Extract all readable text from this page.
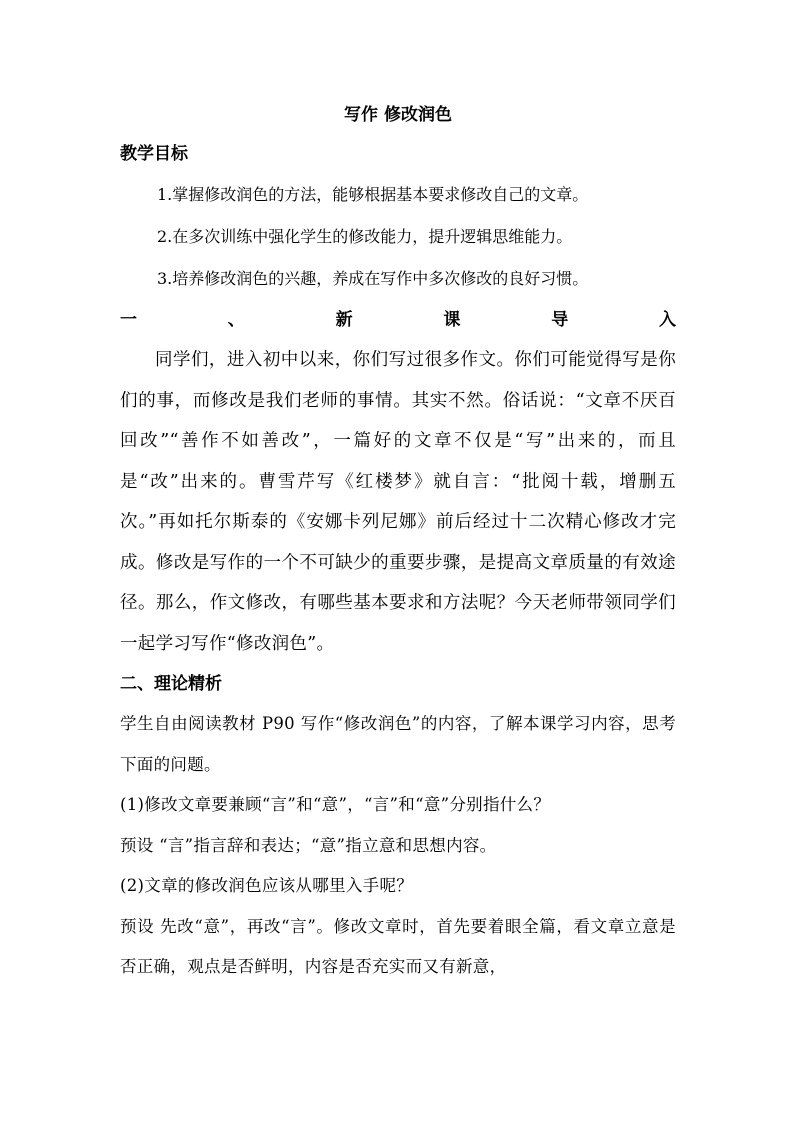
写作 修改润色

教学目标

1.掌握修改润色的方法，能够根据基本要求修改自己的文章。

2.在多次训练中强化学生的修改能力，提升逻辑思维能力。

3.培养修改润色的兴趣，养成在写作中多次修改的良好习惯。

一	、	新	课	导	入

同学们，进入初中以来，你们写过很多作文。你们可能觉得写是你们的事，而修改是我们老师的事情。其实不然。俗话说：“文章不厌百回改”“善作不如善改”，一篇好的文章不仅是“写”出来的，而且是“改”出来的。曹雪芹写《红楼梦》就自言：“批阅十载，增删五次。”再如托尔斯泰的《安娜卡列尼娜》前后经过十二次精心修改才完成。修改是写作的一个不可缺少的重要步骤，是提高文章质量的有效途径。那么，作文修改，有哪些基本要求和方法呢？今天老师带领同学们一起学习写作“修改润色”。

二、理论精析

学生自由阅读教材 P90 写作“修改润色”的内容，了解本课学习内容，思考下面的问题。

(1)修改文章要兼顾“言”和“意”，“言”和“意”分别指什么？

预设 “言”指言辞和表达；“意”指立意和思想内容。

(2)文章的修改润色应该从哪里入手呢？

预设 先改“意”，再改“言”。修改文章时，首先要着眼全篇，看文章立意是否正确，观点是否鲜明，内容是否充实而又有新意，
